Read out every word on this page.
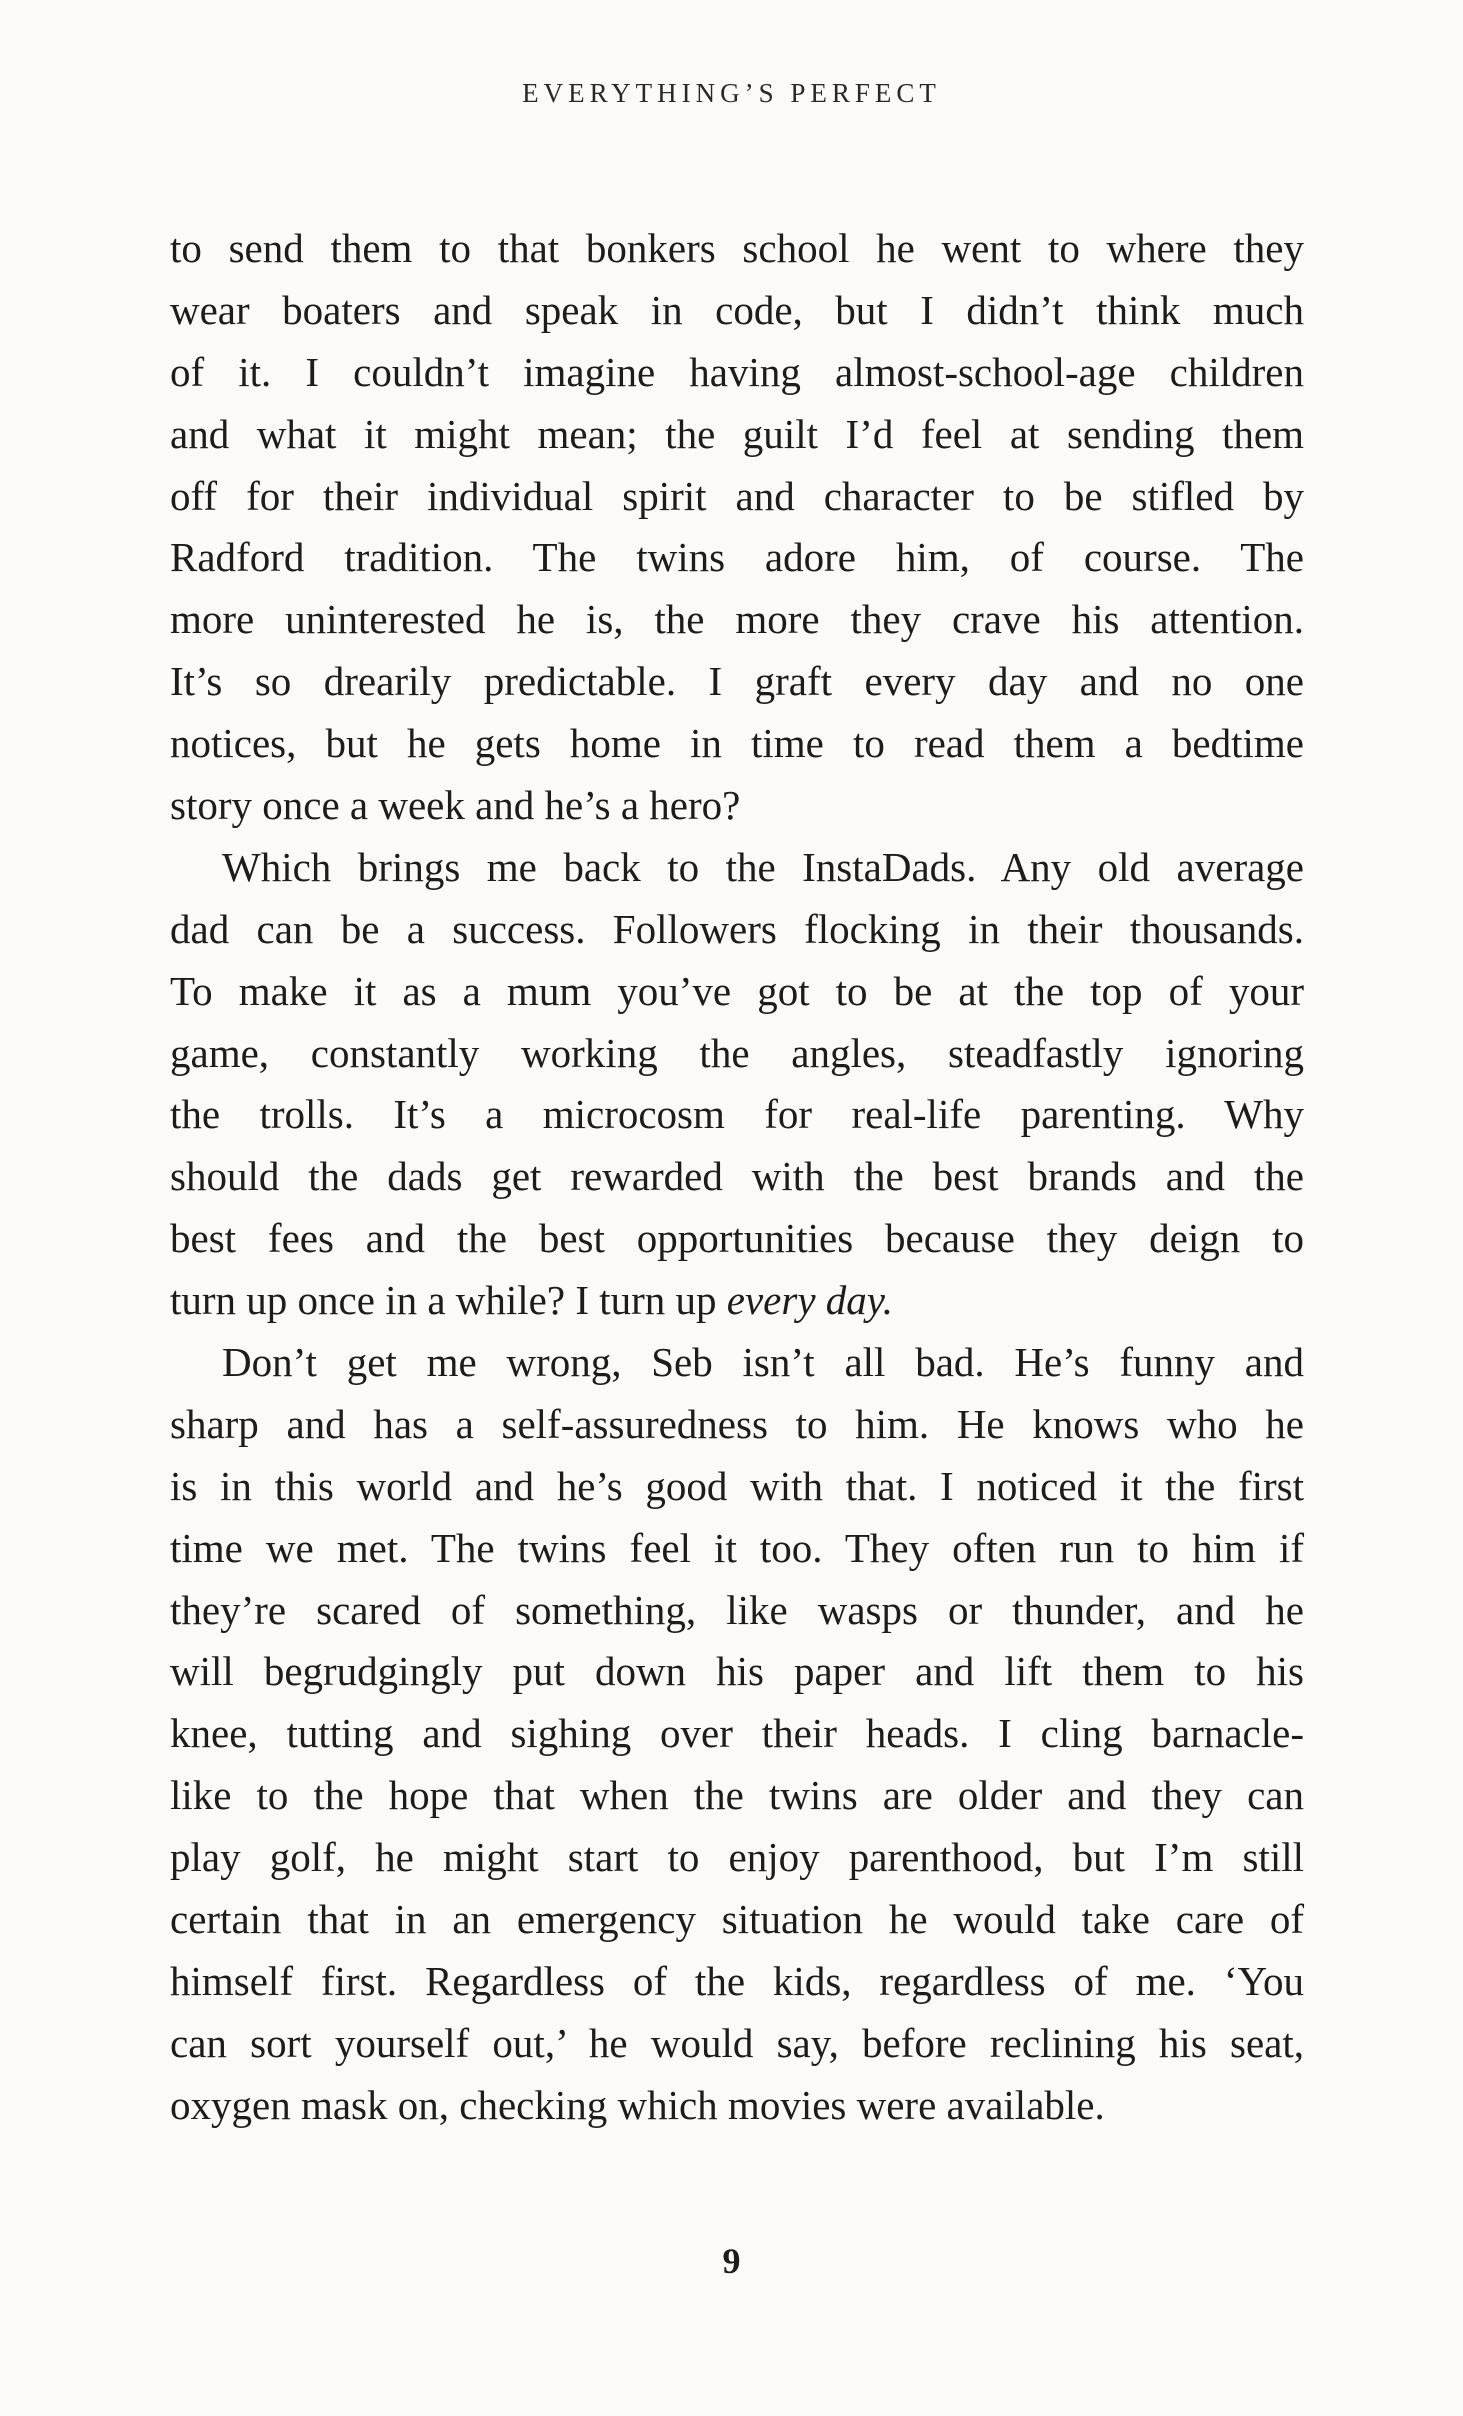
EVERYTHING’S PERFECT
to send them to that bonkers school he went to where they
wear boaters and speak in code, but I didn’t think much
of it. I couldn’t imagine having almost-school-age children
and what it might mean; the guilt I’d feel at sending them
off for their individual spirit and character to be stifled by
Radford tradition. The twins adore him, of course. The
more uninterested he is, the more they crave his attention.
It’s so drearily predictable. I graft every day and no one
notices, but he gets home in time to read them a bedtime
story once a week and he’s a hero?
Which brings me back to the InstaDads. Any old average
dad can be a success. Followers flocking in their thousands.
To make it as a mum you’ve got to be at the top of your
game, constantly working the angles, steadfastly ignoring
the trolls. It’s a microcosm for real-life parenting. Why
should the dads get rewarded with the best brands and the
best fees and the best opportunities because they deign to
turn up once in a while? I turn up every day.
Don’t get me wrong, Seb isn’t all bad. He’s funny and
sharp and has a self-assuredness to him. He knows who he
is in this world and he’s good with that. I noticed it the first
time we met. The twins feel it too. They often run to him if
they’re scared of something, like wasps or thunder, and he
will begrudgingly put down his paper and lift them to his
knee, tutting and sighing over their heads. I cling barnacle-
like to the hope that when the twins are older and they can
play golf, he might start to enjoy parenthood, but I’m still
certain that in an emergency situation he would take care of
himself first. Regardless of the kids, regardless of me. ‘You
can sort yourself out,’ he would say, before reclining his seat,
oxygen mask on, checking which movies were available.
9
